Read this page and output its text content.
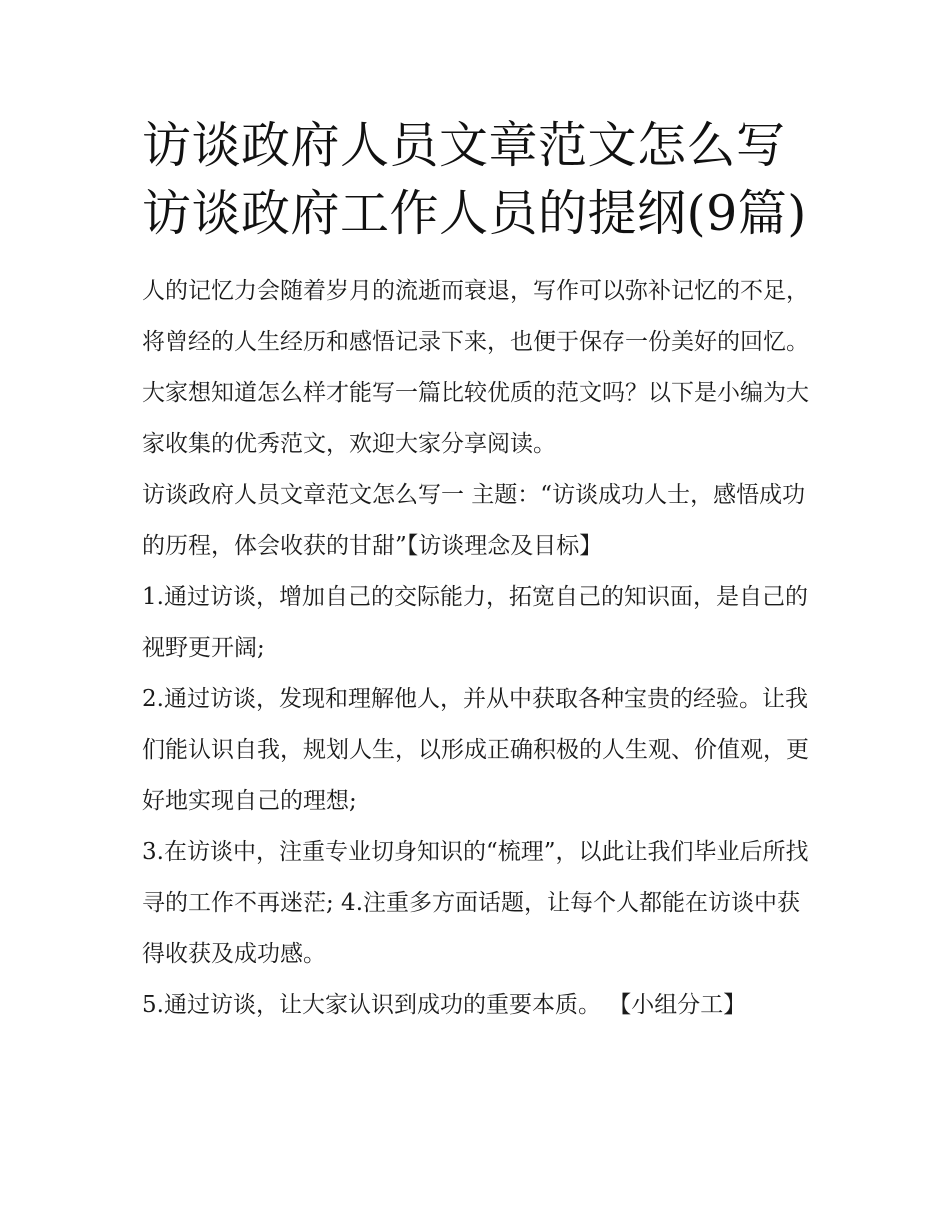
访谈政府人员文章范文怎么写访谈政府工作人员的提纲(9篇)

人的记忆力会随着岁月的流逝而衰退，写作可以弥补记忆的不足，将曾经的人生经历和感悟记录下来，也便于保存一份美好的回忆。大家想知道怎么样才能写一篇比较优质的范文吗？以下是小编为大家收集的优秀范文，欢迎大家分享阅读。

访谈政府人员文章范文怎么写一 主题：“访谈成功人士，感悟成功的历程，体会收获的甘甜”【访谈理念及目标】

1.通过访谈，增加自己的交际能力，拓宽自己的知识面，是自己的视野更开阔;

2.通过访谈，发现和理解他人，并从中获取各种宝贵的经验。让我们能认识自我，规划人生，以形成正确积极的人生观、价值观，更好地实现自己的理想;

3.在访谈中，注重专业切身知识的“梳理”，以此让我们毕业后所找寻的工作不再迷茫; 4.注重多方面话题，让每个人都能在访谈中获得收获及成功感。

5.通过访谈，让大家认识到成功的重要本质。 【小组分工】
